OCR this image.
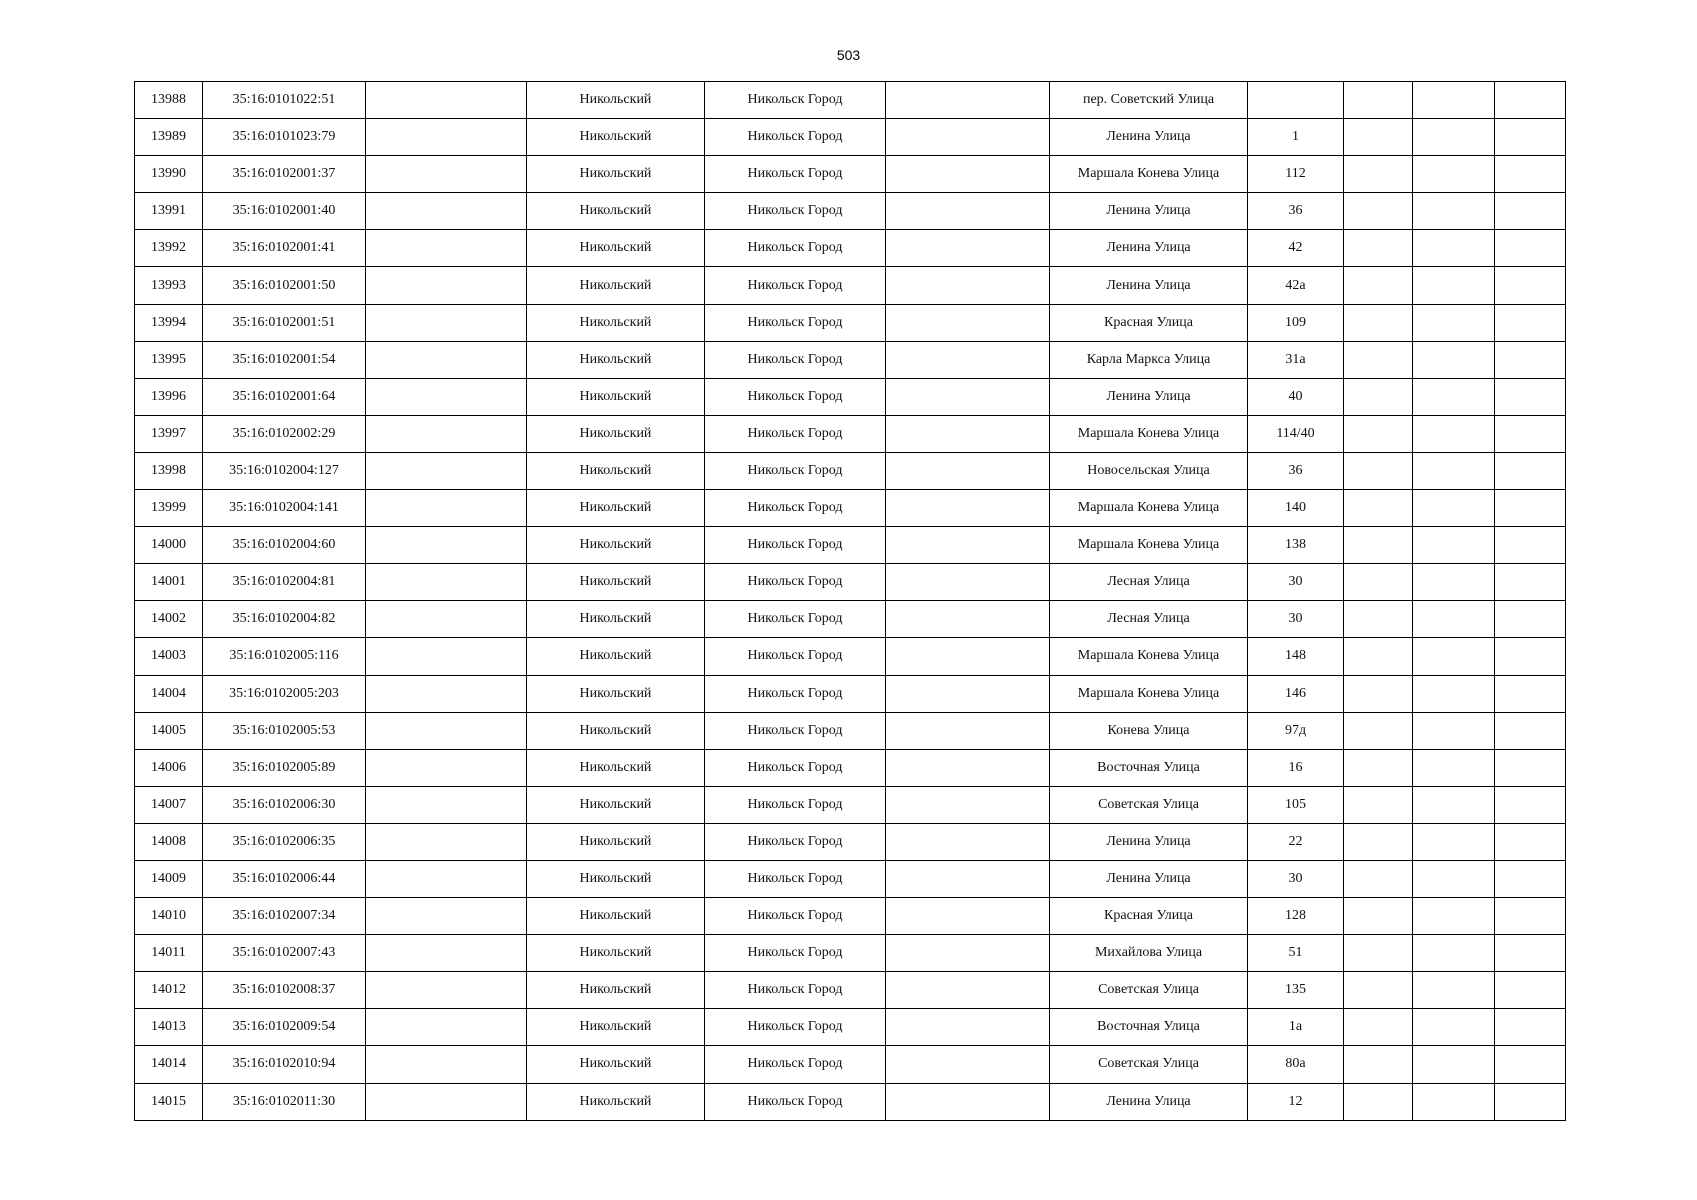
503
13988	35:16:0101022:51		Никольский	Никольск Город		пер. Советский Улица				
13989	35:16:0101023:79		Никольский	Никольск Город		Ленина Улица	1			
13990	35:16:0102001:37		Никольский	Никольск Город		Маршала Конева Улица	112			
13991	35:16:0102001:40		Никольский	Никольск Город		Ленина Улица	36			
13992	35:16:0102001:41		Никольский	Никольск Город		Ленина Улица	42			
13993	35:16:0102001:50		Никольский	Никольск Город		Ленина Улица	42а			
13994	35:16:0102001:51		Никольский	Никольск Город		Красная Улица	109			
13995	35:16:0102001:54		Никольский	Никольск Город		Карла Маркса Улица	31а			
13996	35:16:0102001:64		Никольский	Никольск Город		Ленина Улица	40			
13997	35:16:0102002:29		Никольский	Никольск Город		Маршала Конева Улица	114/40			
13998	35:16:0102004:127		Никольский	Никольск Город		Новосельская Улица	36			
13999	35:16:0102004:141		Никольский	Никольск Город		Маршала Конева Улица	140			
14000	35:16:0102004:60		Никольский	Никольск Город		Маршала Конева Улица	138			
14001	35:16:0102004:81		Никольский	Никольск Город		Лесная Улица	30			
14002	35:16:0102004:82		Никольский	Никольск Город		Лесная Улица	30			
14003	35:16:0102005:116		Никольский	Никольск Город		Маршала Конева Улица	148			
14004	35:16:0102005:203		Никольский	Никольск Город		Маршала Конева Улица	146			
14005	35:16:0102005:53		Никольский	Никольск Город		Конева Улица	97д			
14006	35:16:0102005:89		Никольский	Никольск Город		Восточная Улица	16			
14007	35:16:0102006:30		Никольский	Никольск Город		Советская Улица	105			
14008	35:16:0102006:35		Никольский	Никольск Город		Ленина Улица	22			
14009	35:16:0102006:44		Никольский	Никольск Город		Ленина Улица	30			
14010	35:16:0102007:34		Никольский	Никольск Город		Красная Улица	128			
14011	35:16:0102007:43		Никольский	Никольск Город		Михайлова Улица	51			
14012	35:16:0102008:37		Никольский	Никольск Город		Советская Улица	135			
14013	35:16:0102009:54		Никольский	Никольск Город		Восточная Улица	1а			
14014	35:16:0102010:94		Никольский	Никольск Город		Советская Улица	80а			
14015	35:16:0102011:30		Никольский	Никольск Город		Ленина Улица	12			
